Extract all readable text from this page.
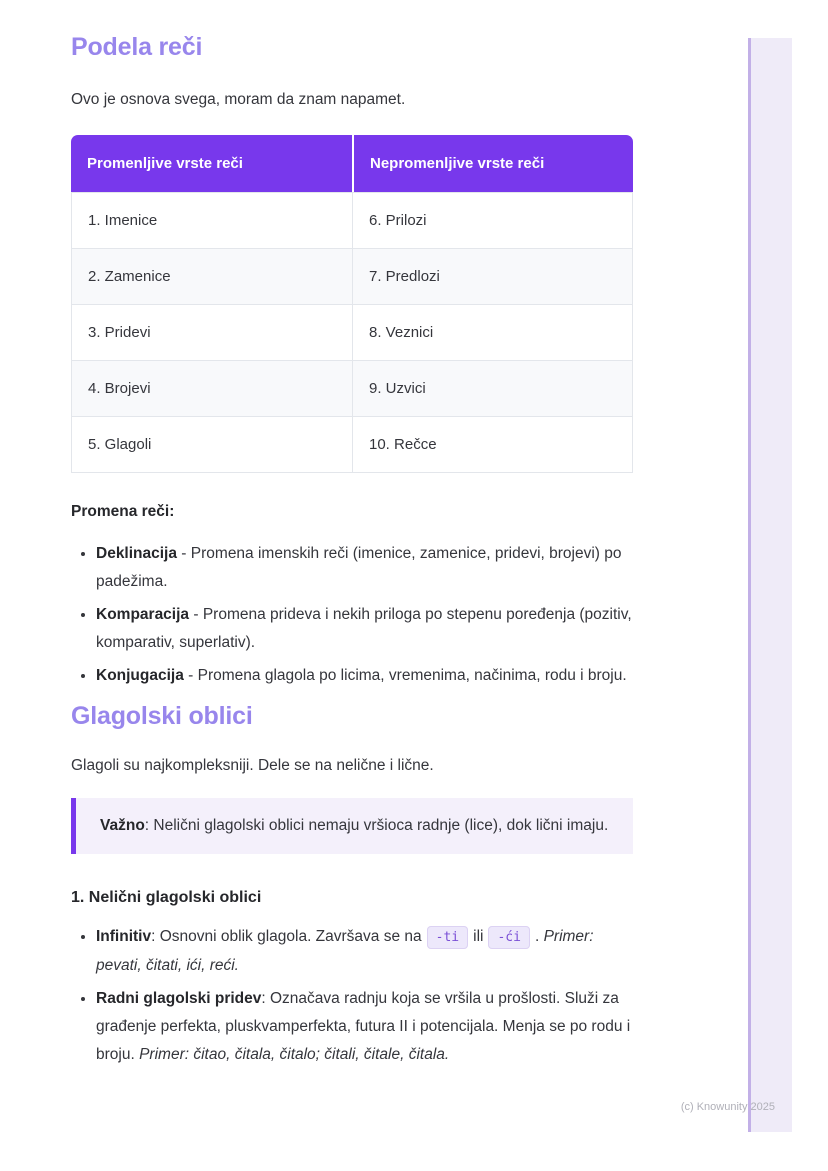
Podela reči

Ovo je osnova svega, moram da znam napamet.

Promenljive vrste reči	Nepromenljive vrste reči
1. Imenice	6. Prilozi
2. Zamenice	7. Predlozi
3. Pridevi	8. Veznici
4. Brojevi	9. Uzvici
5. Glagoli	10. Rečce
Promena reči:
• Deklinacija - Promena imenskih reči (imenice, zamenice, pridevi, brojevi) po padežima.
• Komparacija - Promena prideva i nekih priloga po stepenu poređenja (pozitiv, komparativ, superlativ).
• Konjugacija - Promena glagola po licima, vremenima, načinima, rodu i broju.
Glagolski oblici

Glagoli su najkompleksniji. Dele se na nelične i lične.

Važno: Nelični glagolski oblici nemaju vršioca radnje (lice), dok lični imaju.
1. Nelični glagolski oblici
• Infinitiv: Osnovni oblik glagola. Završava se na -ti ili -ći . Primer: pevati, čitati, ići, reći.
• Radni glagolski pridev: Označava radnju koja se vršila u prošlosti. Služi za građenje perfekta, pluskvamperfekta, futura II i potencijala. Menja se po rodu i broju. Primer: čitao, čitala, čitalo; čitali, čitale, čitala.
(c) Knowunity 2025
